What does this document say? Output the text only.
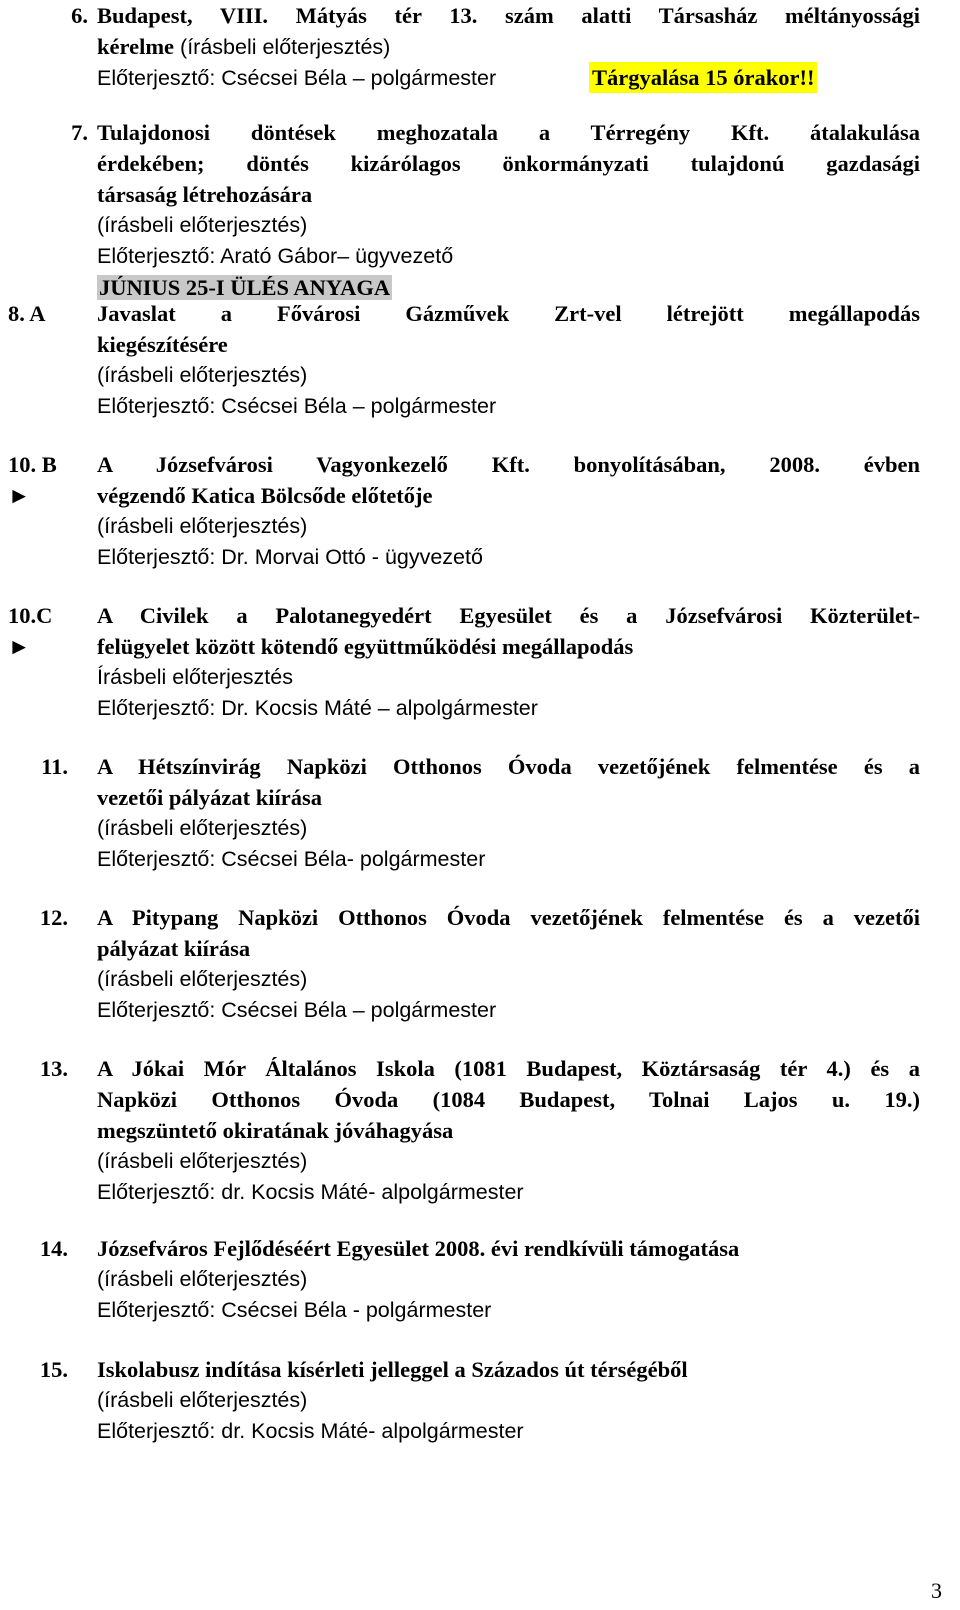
6. Budapest, VIII. Mátyás tér 13. szám alatti Társasház méltányossági
kérelme (írásbeli előterjesztés)
Előterjesztő: Csécsei Béla – polgármester	Tárgyalása 15 órakor!!
7. Tulajdonosi döntések meghozatala a Térregény Kft. átalakulása
érdekében; döntés kizárólagos önkormányzati tulajdonú gazdasági
társaság létrehozására
(írásbeli előterjesztés)
Előterjesztő: Arató Gábor– ügyvezető
JÚNIUS 25-I ÜLÉS ANYAGA
8. A	Javaslat a Fővárosi Gázművek Zrt-vel létrejött megállapodás
kiegészítésére
(írásbeli előterjesztés)
Előterjesztő: Csécsei Béla – polgármester
10. B
►
A Józsefvárosi Vagyonkezelő Kft. bonyolításában, 2008. évben
végzendő Katica Bölcsőde előtetője
(írásbeli előterjesztés)
Előterjesztő: Dr. Morvai Ottó - ügyvezető
10.C
►
A Civilek a Palotanegyedért Egyesület és a Józsefvárosi Közterület-
felügyelet között kötendő együttműködési megállapodás
Írásbeli előterjesztés
Előterjesztő: Dr. Kocsis Máté – alpolgármester
11. A Hétszínvirág Napközi Otthonos Óvoda vezetőjének felmentése és a
vezetői pályázat kiírása
(írásbeli előterjesztés)
Előterjesztő: Csécsei Béla- polgármester
12. A Pitypang Napközi Otthonos Óvoda vezetőjének felmentése és a vezetői
pályázat kiírása
(írásbeli előterjesztés)
Előterjesztő: Csécsei Béla – polgármester
13. A Jókai Mór Általános Iskola (1081 Budapest, Köztársaság tér 4.) és a
Napközi Otthonos Óvoda (1084 Budapest, Tolnai Lajos u. 19.)
megszüntető okiratának jóváhagyása
(írásbeli előterjesztés)
Előterjesztő: dr. Kocsis Máté- alpolgármester
14. Józsefváros Fejlődéséért Egyesület 2008. évi rendkívüli támogatása
(írásbeli előterjesztés)
Előterjesztő: Csécsei Béla - polgármester
15. Iskolabusz indítása kísérleti jelleggel a Százados út térségéből
(írásbeli előterjesztés)
Előterjesztő: dr. Kocsis Máté- alpolgármester
3
